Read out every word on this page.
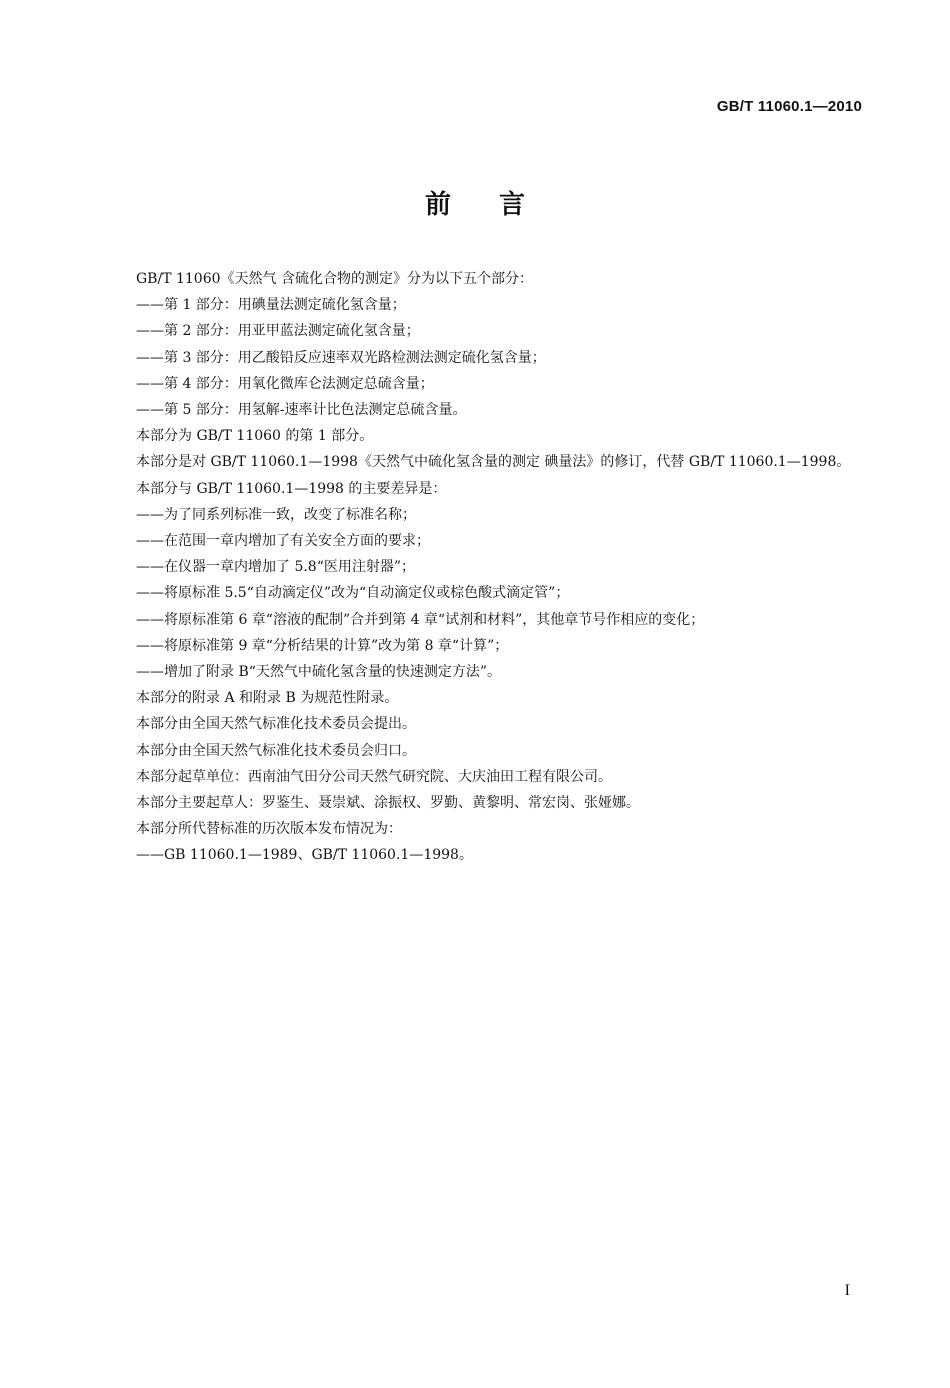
GB/T 11060.1—2010
前 言

GB/T 11060《天然气 含硫化合物的测定》分为以下五个部分：

——第 1 部分：用碘量法测定硫化氢含量；

——第 2 部分：用亚甲蓝法测定硫化氢含量；

——第 3 部分：用乙酸铅反应速率双光路检测法测定硫化氢含量；

——第 4 部分：用氧化微库仑法测定总硫含量；

——第 5 部分：用氢解-速率计比色法测定总硫含量。

本部分为 GB/T 11060 的第 1 部分。

本部分是对 GB/T 11060.1—1998《天然气中硫化氢含量的测定 碘量法》的修订，代替 GB/T 11060.1—1998。

本部分与 GB/T 11060.1—1998 的主要差异是：

——为了同系列标准一致，改变了标准名称；

——在范围一章内增加了有关安全方面的要求；

——在仪器一章内增加了 5.8“医用注射器”；

——将原标准 5.5“自动滴定仪”改为“自动滴定仪或棕色酸式滴定管”；

——将原标准第 6 章“溶液的配制”合并到第 4 章“试剂和材料”，其他章节号作相应的变化；

——将原标准第 9 章“分析结果的计算”改为第 8 章“计算”；

——增加了附录 B“天然气中硫化氢含量的快速测定方法”。

本部分的附录 A 和附录 B 为规范性附录。

本部分由全国天然气标准化技术委员会提出。

本部分由全国天然气标准化技术委员会归口。

本部分起草单位：西南油气田分公司天然气研究院、大庆油田工程有限公司。

本部分主要起草人：罗鉴生、聂崇斌、涂振权、罗勤、黄黎明、常宏岗、张娅娜。

本部分所代替标准的历次版本发布情况为：

——GB 11060.1—1989、GB/T 11060.1—1998。

I
